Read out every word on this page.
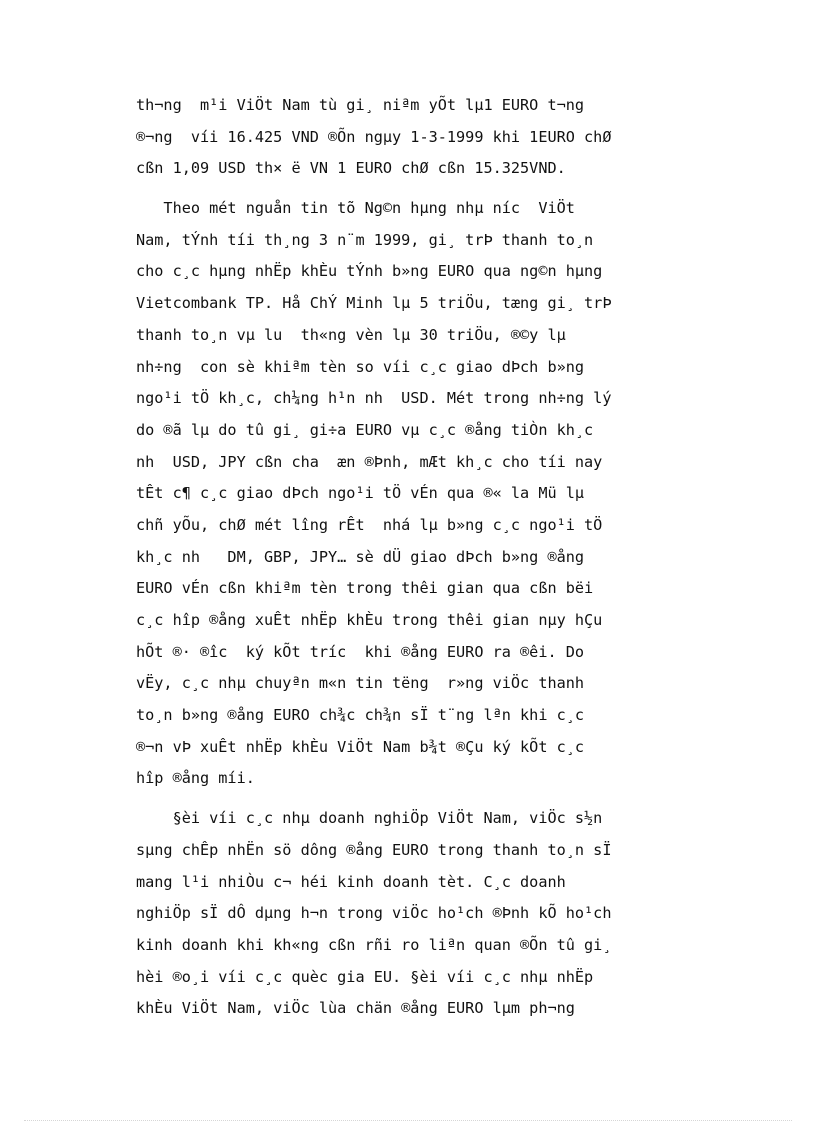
th¬ng  m¹i ViÖt Nam tù gi¸ niªm yÕt lµ1 EURO t¬ng
®¬ng  víi 16.425 VND ®Õn ngµy 1-3-1999 khi 1EURO chØ
cßn 1,09 USD th× ë VN 1 EURO chØ cßn 15.325VND.
Theo mét nguån tin tõ Ng©n hµng nhµ níc  ViÖt
Nam, tÝnh tíi th¸ng 3 n¨m 1999, gi¸ trÞ thanh to¸n
cho c¸c hµng nhËp khÈu tÝnh b»ng EURO qua ng©n hµng
Vietcombank TP. Hå ChÝ Minh lµ 5 triÖu, tæng gi¸ trÞ
thanh to¸n vµ lu  th«ng vèn lµ 30 triÖu, ®©y lµ
nh÷ng  con sè khiªm tèn so víi c¸c giao dÞch b»ng
ngo¹i tÖ kh¸c, ch¼ng h¹n nh  USD. Mét trong nh÷ng lý
do ®ã lµ do tû gi¸ gi÷a EURO vµ c¸c ®ång tiÒn kh¸c
nh  USD, JPY cßn cha  æn ®Þnh, mÆt kh¸c cho tíi nay
tÊt c¶ c¸c giao dÞch ngo¹i tÖ vÉn qua ®« la Mü lµ
chñ yÕu, chØ mét lîng rÊt  nhá lµ b»ng c¸c ngo¹i tÖ
kh¸c nh   DM, GBP, JPY… sè dÜ giao dÞch b»ng ®ång
EURO vÉn cßn khiªm tèn trong thêi gian qua cßn bëi
c¸c hîp ®ång xuÊt nhËp khÈu trong thêi gian nµy hÇu
hÕt ®· ®îc  ký kÕt tríc  khi ®ång EURO ra ®êi. Do
vËy, c¸c nhµ chuyªn m«n tin tëng  r»ng viÖc thanh
to¸n b»ng ®ång EURO ch¾c ch¾n sÏ t¨ng lªn khi c¸c
®¬n vÞ xuÊt nhËp khÈu ViÖt Nam b¾t ®Çu ký kÕt c¸c
hîp ®ång míi.
§èi víi c¸c nhµ doanh nghiÖp ViÖt Nam, viÖc s½n
sµng chÊp nhËn sö dông ®ång EURO trong thanh to¸n sÏ
mang l¹i nhiÒu c¬ héi kinh doanh tèt. C¸c doanh
nghiÖp sÏ dÔ dµng h¬n trong viÖc ho¹ch ®Þnh kÕ ho¹ch
kinh doanh khi kh«ng cßn rñi ro liªn quan ®Õn tû gi¸
hèi ®o¸i víi c¸c quèc gia EU. §èi víi c¸c nhµ nhËp
khÈu ViÖt Nam, viÖc lùa chän ®ång EURO lµm ph¬ng
